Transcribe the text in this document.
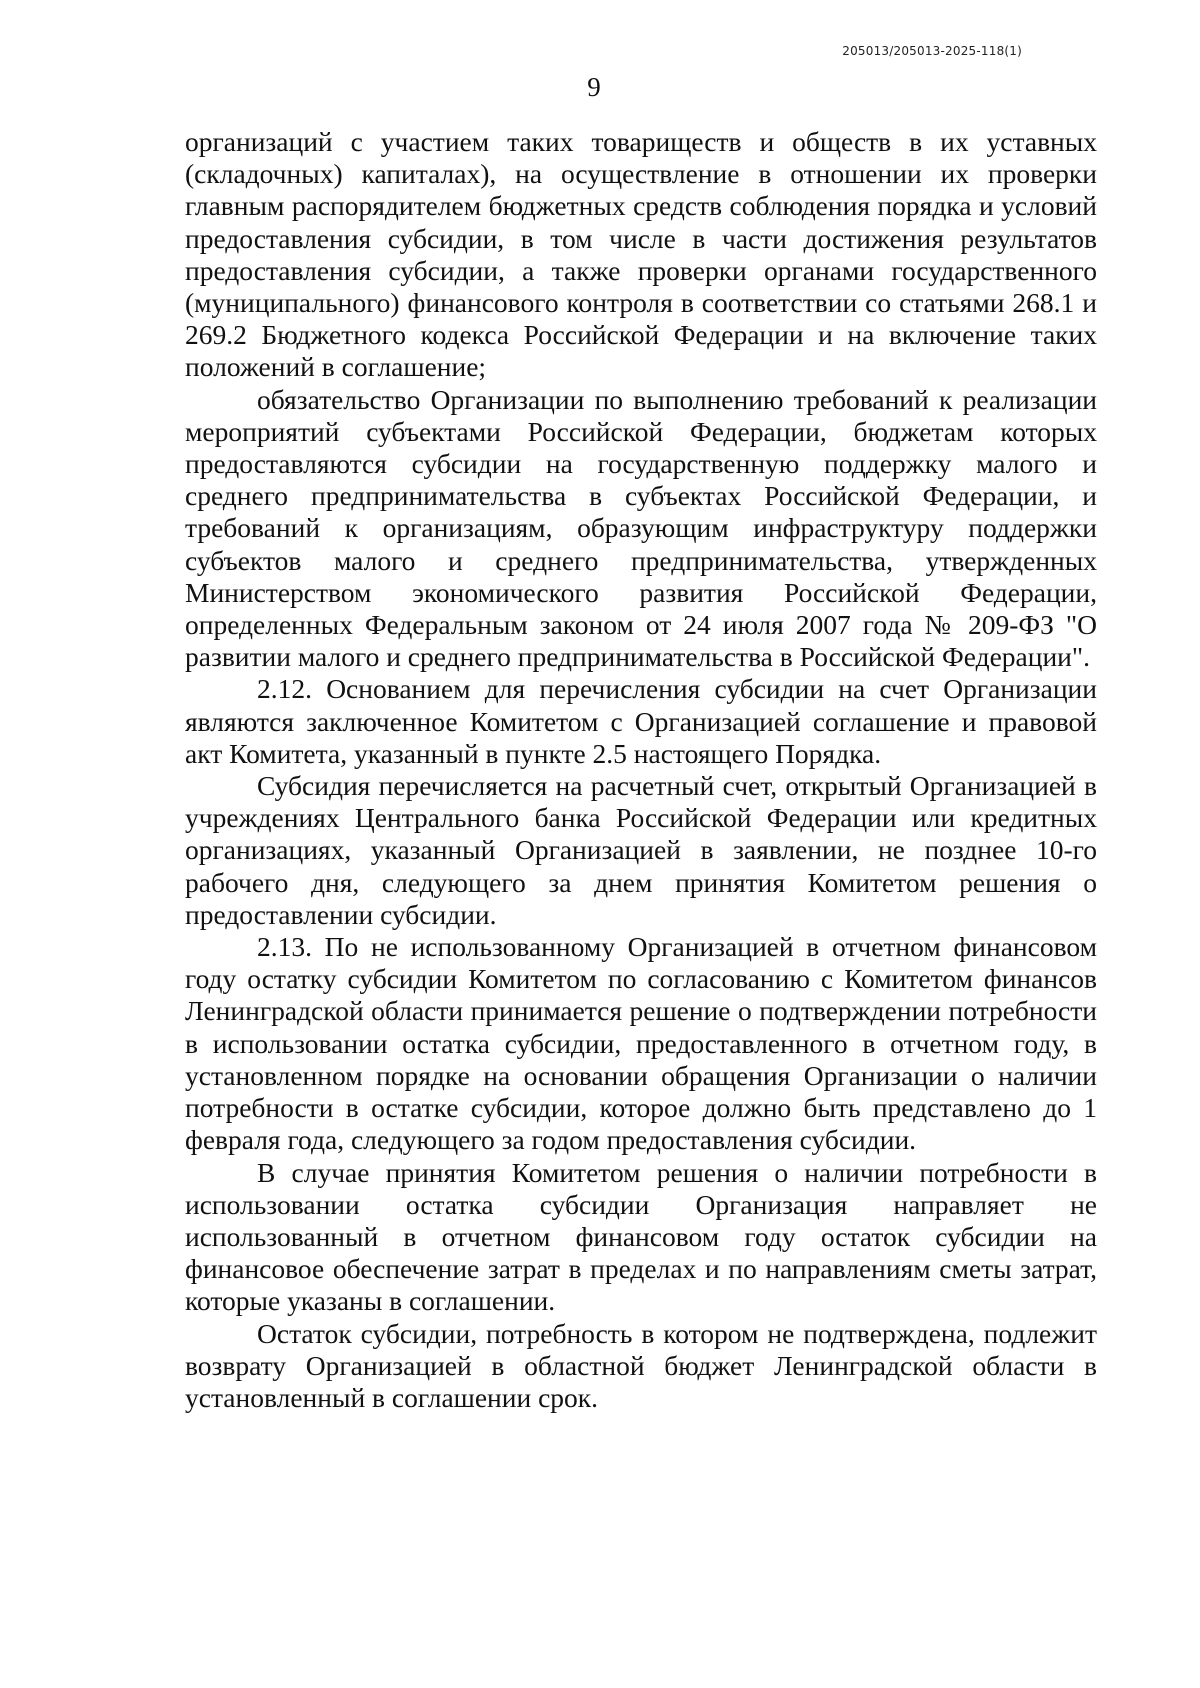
205013/205013-2025-118(1)
9

организаций с участием таких товариществ и обществ в их уставных (складочных) капиталах), на осуществление в отношении их проверки главным распорядителем бюджетных средств соблюдения порядка и условий предоставления субсидии, в том числе в части достижения результатов предоставления субсидии, а также проверки органами государственного (муниципального) финансового контроля в соответствии со статьями 268.1 и 269.2 Бюджетного кодекса Российской Федерации и на включение таких положений в соглашение;

обязательство Организации по выполнению требований к реализации мероприятий субъектами Российской Федерации, бюджетам которых предоставляются субсидии на государственную поддержку малого и среднего предпринимательства в субъектах Российской Федерации, и требований к организациям, образующим инфраструктуру поддержки субъектов малого и среднего предпринимательства, утвержденных Министерством экономического развития Российской Федерации, определенных Федеральным законом от 24 июля 2007 года № 209-ФЗ "О развитии малого и среднего предпринимательства в Российской Федерации".

2.12. Основанием для перечисления субсидии на счет Организации являются заключенное Комитетом с Организацией соглашение и правовой акт Комитета, указанный в пункте 2.5 настоящего Порядка.

Субсидия перечисляется на расчетный счет, открытый Организацией в учреждениях Центрального банка Российской Федерации или кредитных организациях, указанный Организацией в заявлении, не позднее 10-го рабочего дня, следующего за днем принятия Комитетом решения о предоставлении субсидии.

2.13. По не использованному Организацией в отчетном финансовом году остатку субсидии Комитетом по согласованию с Комитетом финансов Ленинградской области принимается решение о подтверждении потребности в использовании остатка субсидии, предоставленного в отчетном году, в установленном порядке на основании обращения Организации о наличии потребности в остатке субсидии, которое должно быть представлено до 1 февраля года, следующего за годом предоставления субсидии.

В случае принятия Комитетом решения о наличии потребности в использовании остатка субсидии Организация направляет не использованный в отчетном финансовом году остаток субсидии на финансовое обеспечение затрат в пределах и по направлениям сметы затрат, которые указаны в соглашении.

Остаток субсидии, потребность в котором не подтверждена, подлежит возврату Организацией в областной бюджет Ленинградской области в установленный в соглашении срок.
